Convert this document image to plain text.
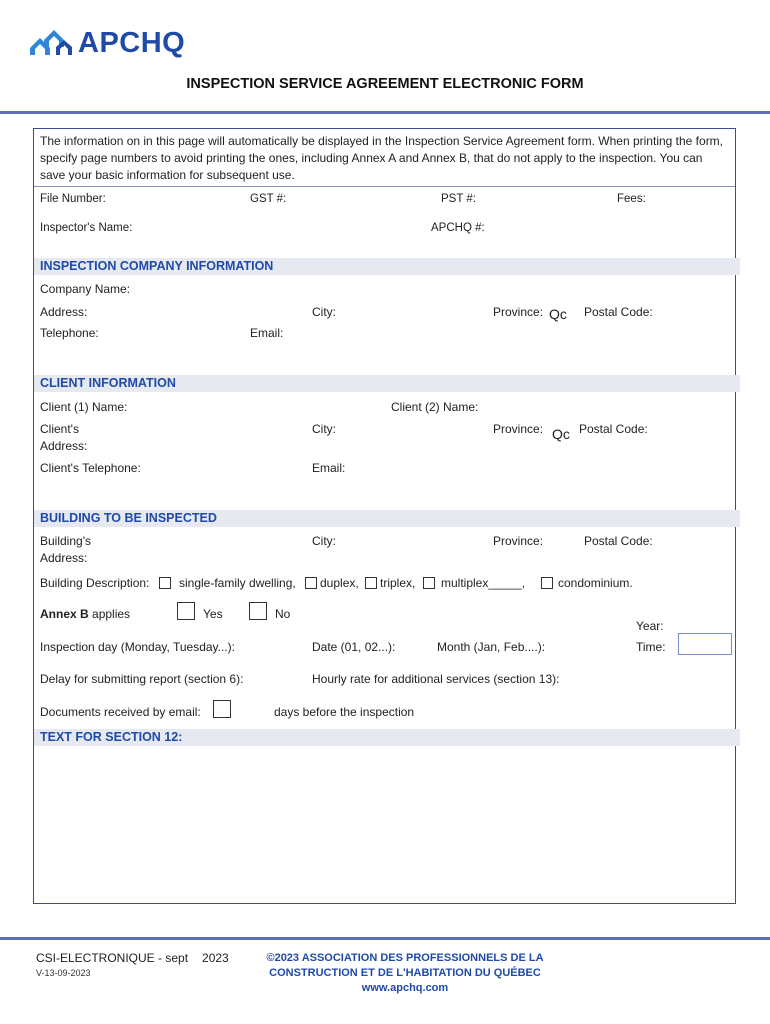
APCHQ
INSPECTION SERVICE AGREEMENT ELECTRONIC FORM
The information on in this page will automatically be displayed in the Inspection Service Agreement form. When printing the form, specify page numbers to avoid printing the ones, including Annex A and Annex B, that do not apply to the inspection. You can save your basic information for subsequent use.
File Number:	GST #:	PST #:	Fees:
Inspector's Name:	APCHQ #:
INSPECTION COMPANY INFORMATION
Company Name:
Address:	City:	Province: Qc Postal Code:
Telephone:	Email:
CLIENT INFORMATION
Client (1) Name:	Client (2) Name:
Client's
Address:
City:	Province: Qc Postal Code:
Client's Telephone:	Email:
BUILDING TO BE INSPECTED
Building's
Address:
City:	Province:	Postal Code:
Building Description: single-family dwelling, duplex, triplex, multiplex_____,	condominium.
Annex B applies	Yes	No
Year:
Inspection day (Monday, Tuesday...):	Date (01, 02...):	Month (Jan, Feb....):	Time:
Delay for submitting report (section 6):	Hourly rate for additional services (section 13):
Documents received by email:	days before the inspection
TEXT FOR SECTION 12:
CSI-ELECTRONIQUE - sept 2023
V-13-09-2023
©2023 ASSOCIATION DES PROFESSIONNELS DE LA
CONSTRUCTION ET DE L'HABITATION DU QUÉBEC
www.apchq.com
